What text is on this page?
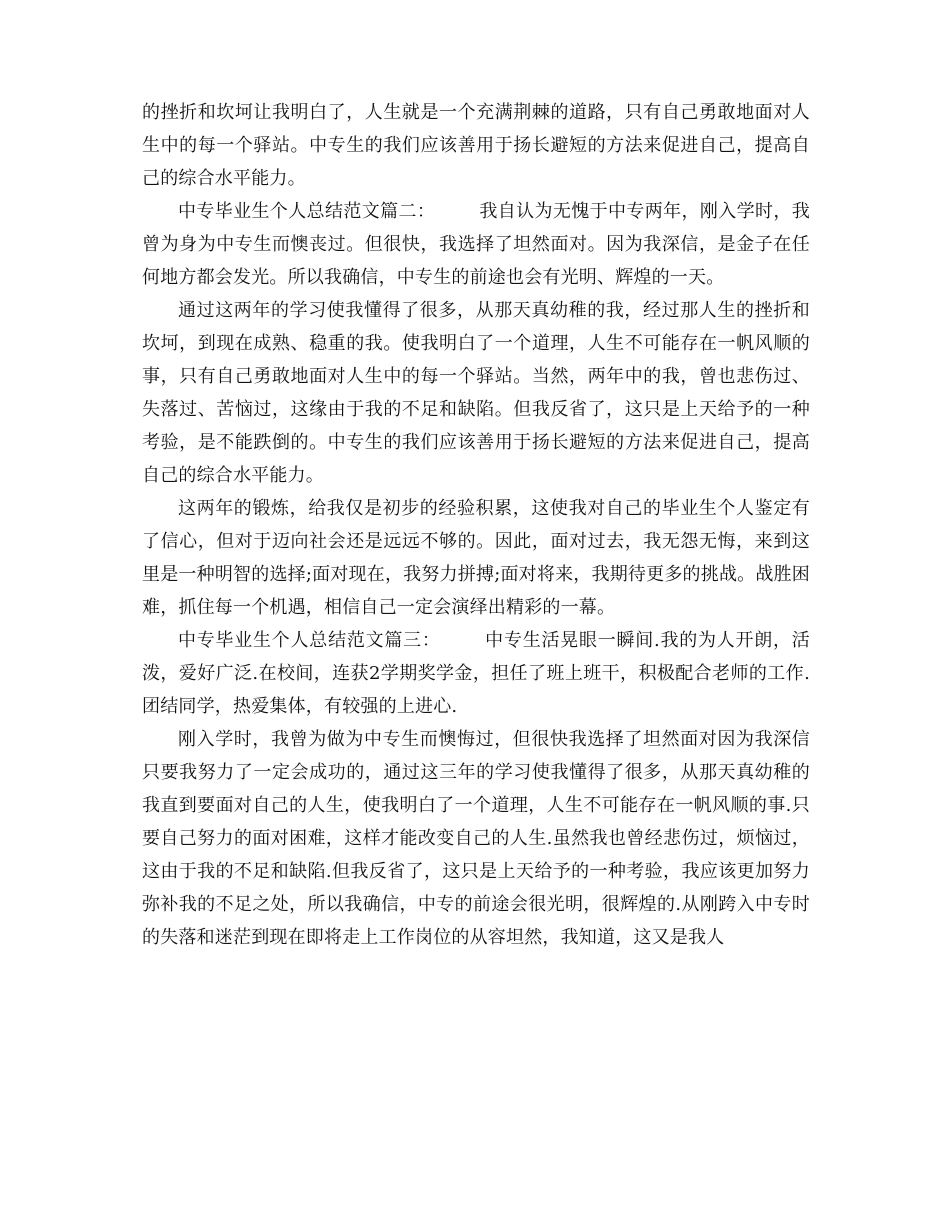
的挫折和坎坷让我明白了，人生就是一个充满荆棘的道路，只有自己勇敢地面对人生中的每一个驿站。中专生的我们应该善用于扬长避短的方法来促进自己，提高自己的综合水平能力。

中专毕业生个人总结范文篇二： 我自认为无愧于中专两年，刚入学时，我曾为身为中专生而懊丧过。但很快，我选择了坦然面对。因为我深信，是金子在任何地方都会发光。所以我确信，中专生的前途也会有光明、辉煌的一天。

通过这两年的学习使我懂得了很多，从那天真幼稚的我，经过那人生的挫折和坎坷，到现在成熟、稳重的我。使我明白了一个道理，人生不可能存在一帆风顺的事，只有自己勇敢地面对人生中的每一个驿站。当然，两年中的我，曾也悲伤过、失落过、苦恼过，这缘由于我的不足和缺陷。但我反省了，这只是上天给予的一种考验，是不能跌倒的。中专生的我们应该善用于扬长避短的方法来促进自己，提高自己的综合水平能力。

这两年的锻炼，给我仅是初步的经验积累，这使我对自己的毕业生个人鉴定有了信心，但对于迈向社会还是远远不够的。因此，面对过去，我无怨无悔，来到这里是一种明智的选择;面对现在，我努力拼搏;面对将来，我期待更多的挑战。战胜困难，抓住每一个机遇，相信自己一定会演绎出精彩的一幕。

中专毕业生个人总结范文篇三： 中专生活晃眼一瞬间.我的为人开朗，活泼，爱好广泛.在校间，连获2学期奖学金，担任了班上班干，积极配合老师的工作.团结同学，热爱集体，有较强的上进心.

刚入学时，我曾为做为中专生而懊悔过，但很快我选择了坦然面对因为我深信只要我努力了一定会成功的，通过这三年的学习使我懂得了很多，从那天真幼稚的我直到要面对自己的人生，使我明白了一个道理，人生不可能存在一帆风顺的事.只要自己努力的面对困难，这样才能改变自己的人生.虽然我也曾经悲伤过，烦恼过，这由于我的不足和缺陷.但我反省了，这只是上天给予的一种考验，我应该更加努力弥补我的不足之处，所以我确信，中专的前途会很光明，很辉煌的.从刚跨入中专时的失落和迷茫到现在即将走上工作岗位的从容坦然，我知道，这又是我人
